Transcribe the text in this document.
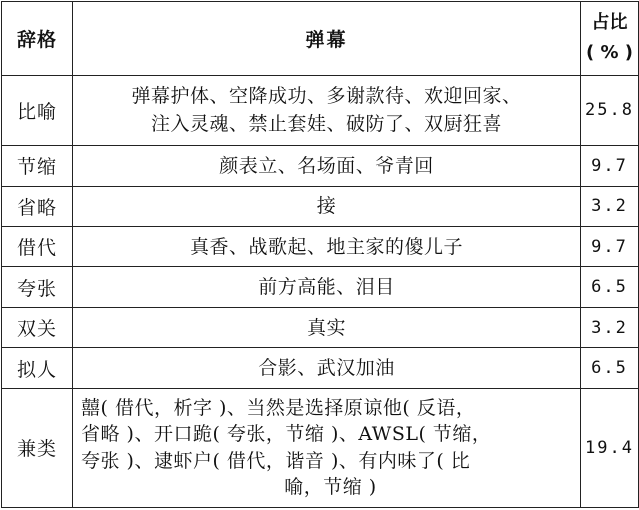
辞格	弹幕	占比
( % )

比喻	弹幕护体、空降成功、多谢款待、欢迎回家、
注入灵魂、禁止套娃、破防了、双厨狂喜	25.8
节缩	颜表立、名场面、爷青回	9.7
省略	接	3.2
借代	真香、战歌起、地主家的傻儿子	9.7
夸张	前方高能、泪目	6.5
双关	真实	3.2
拟人	合影、武汉加油	6.5
兼类	囍( 借代，析字 )、当然是选择原谅他( 反语，
省略 )、开口跪( 夸张，节缩 )、AWSL( 节缩，
夸张 )、逮虾户( 借代，谐音 )、有内味了( 比
喻，节缩 )	19.4
